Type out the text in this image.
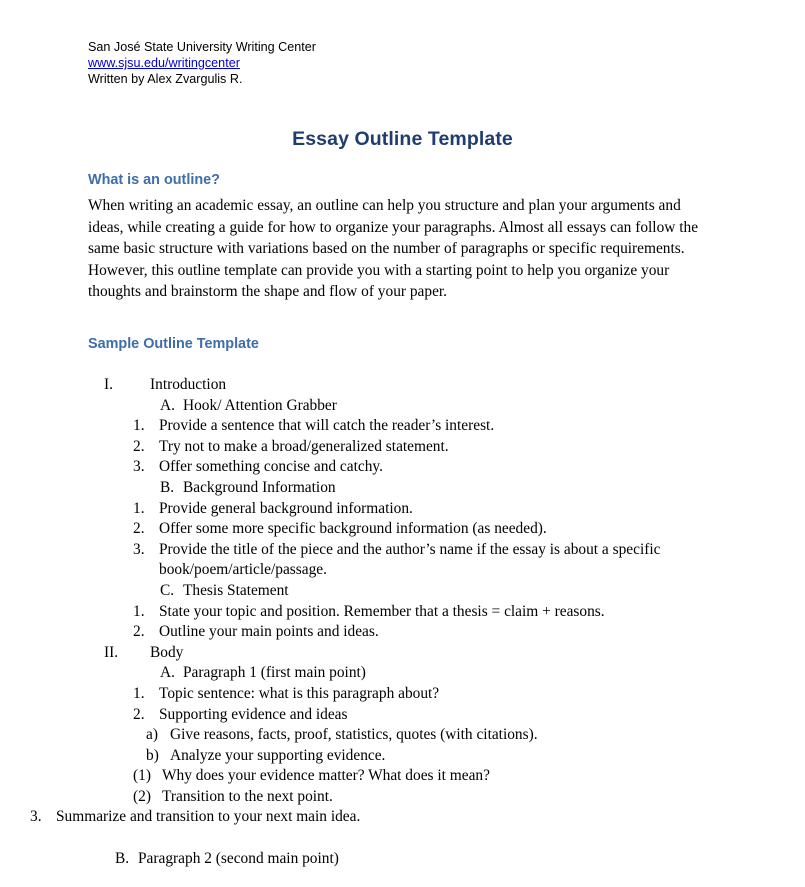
San José State University Writing Center
www.sjsu.edu/writingcenter
Written by Alex Zvargulis R.
Essay Outline Template
What is an outline?
When writing an academic essay, an outline can help you structure and plan your arguments and ideas, while creating a guide for how to organize your paragraphs. Almost all essays can follow the same basic structure with variations based on the number of paragraphs or specific requirements. However, this outline template can provide you with a starting point to help you organize your thoughts and brainstorm the shape and flow of your paper.
Sample Outline Template
I.	Introduction
A. Hook/ Attention Grabber
1. Provide a sentence that will catch the reader’s interest.
2. Try not to make a broad/generalized statement.
3. Offer something concise and catchy.
B. Background Information
1. Provide general background information.
2. Offer some more specific background information (as needed).
3. Provide the title of the piece and the author’s name if the essay is about a specific book/poem/article/passage.
C. Thesis Statement
1. State your topic and position. Remember that a thesis = claim + reasons.
2. Outline your main points and ideas.
II.	Body
A. Paragraph 1 (first main point)
1. Topic sentence: what is this paragraph about?
2. Supporting evidence and ideas
a) Give reasons, facts, proof, statistics, quotes (with citations).
b) Analyze your supporting evidence.
(1) Why does your evidence matter? What does it mean?
(2) Transition to the next point.
3. Summarize and transition to your next main idea.
B. Paragraph 2 (second main point)
